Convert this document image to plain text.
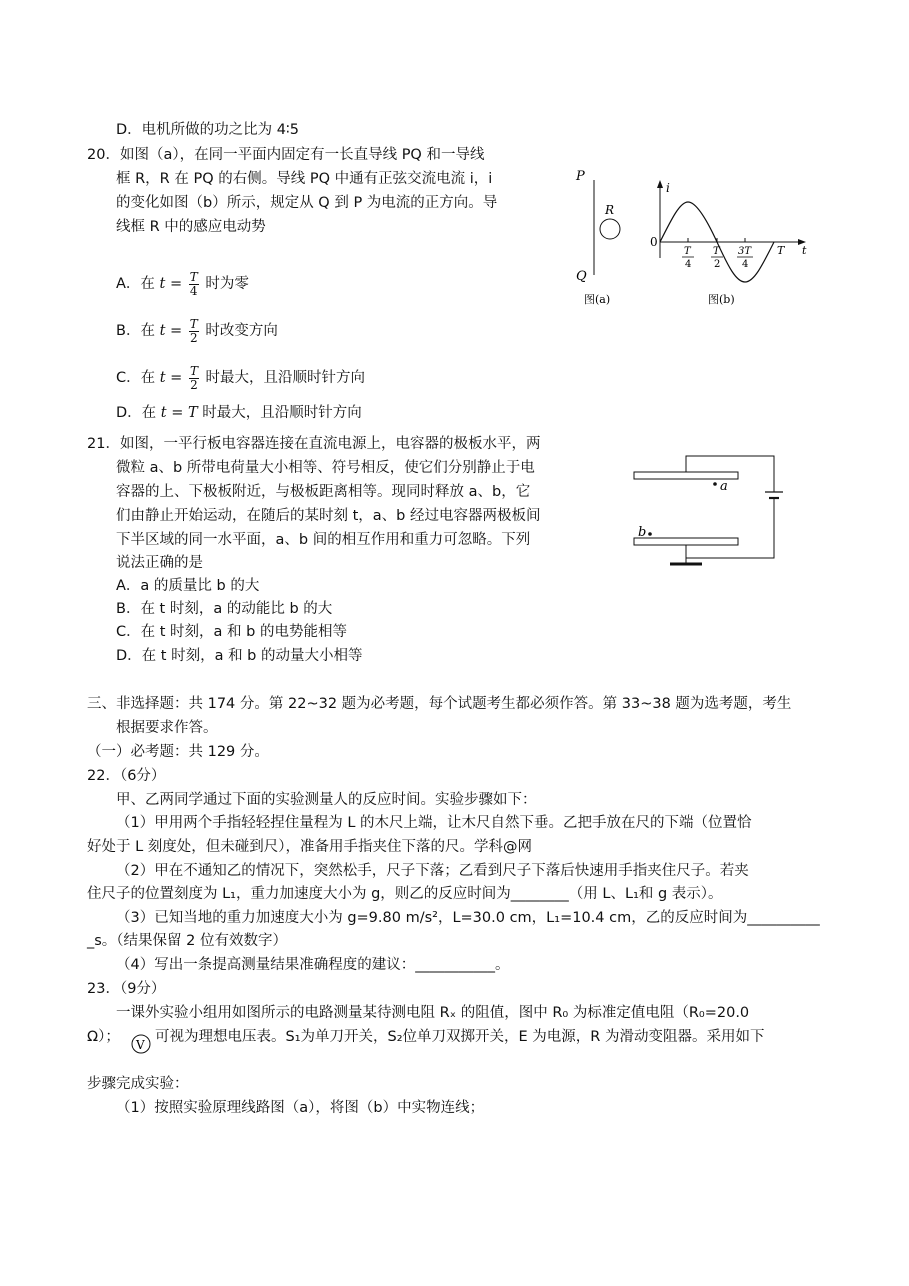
D．电机所做的功之比为 4∶5
20．如图（a），在同一平面内固定有一长直导线 PQ 和一导线
框 R，R 在 PQ 的右侧。导线 PQ 中通有正弦交流电流 i，i
的变化如图（b）所示，规定从 Q 到 P 为电流的正方向。导
线框 R 中的感应电动势
A．在 $t = \frac{T}{4}$ 时为零
B．在 $t = \frac{T}{2}$ 时改变方向
C．在 $t = \frac{T}{2}$ 时最大，且沿顺时针方向
D．在 t = T 时最大，且沿顺时针方向
P
Q
R
i
0
T
4
T
2
3T
4
T t
图(a)	图(b)
21．如图，一平行板电容器连接在直流电源上，电容器的极板水平，两
微粒 a、b 所带电荷量大小相等、符号相反，使它们分别静止于电
容器的上、下极板附近，与极板距离相等。现同时释放 a、b，它
们由静止开始运动，在随后的某时刻 t，a、b 经过电容器两极板间
下半区域的同一水平面，a、b 间的相互作用和重力可忽略。下列
说法正确的是
A．a 的质量比 b 的大
B．在 t 时刻，a 的动能比 b 的大
C．在 t 时刻，a 和 b 的电势能相等
D．在 t 时刻，a 和 b 的动量大小相等
a
b
三、非选择题：共 174 分。第 22~32 题为必考题，每个试题考生都必须作答。第 33~38 题为选考题，考生
根据要求作答。
（一）必考题：共 129 分。
22．（6分）
甲、乙两同学通过下面的实验测量人的反应时间。实验步骤如下：
（1）甲用两个手指轻轻捏住量程为 L 的木尺上端，让木尺自然下垂。乙把手放在尺的下端（位置恰
好处于 L 刻度处，但未碰到尺），准备用手指夹住下落的尺。学科@网
（2）甲在不通知乙的情况下，突然松手，尺子下落；乙看到尺子下落后快速用手指夹住尺子。若夹
住尺子的位置刻度为 L₁，重力加速度大小为 g，则乙的反应时间为________（用 L、L₁和 g 表示）。
（3）已知当地的重力加速度大小为 g=9.80 m/s²，L=30.0 cm，L₁=10.4 cm，乙的反应时间为__________
_s。（结果保留 2 位有效数字）
（4）写出一条提高测量结果准确程度的建议：___________。
23．（9分）
一课外实验小组用如图所示的电路测量某待测电阻 Rₓ 的阻值，图中 R₀ 为标准定值电阻（R₀=20.0
Ω）； V 可视为理想电压表。S₁为单刀开关，S₂位单刀双掷开关，E 为电源，R 为滑动变阻器。采用如下
步骤完成实验：
（1）按照实验原理线路图（a），将图（b）中实物连线；
